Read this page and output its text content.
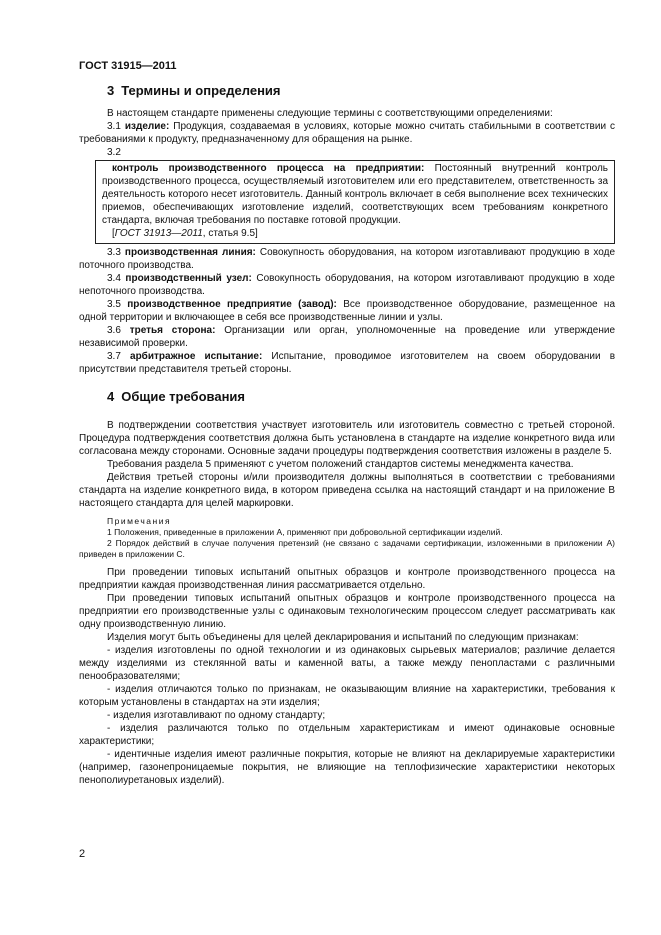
ГОСТ 31915—2011
3 Термины и определения

В настоящем стандарте применены следующие термины с соответствующими определениями:

3.1 изделие: Продукция, создаваемая в условиях, которые можно считать стабильными в соответствии с требованиями к продукту, предназначенному для обращения на рынке.

3.2

контроль производственного процесса на предприятии: Постоянный внутренний контроль производственного процесса, осуществляемый изготовителем или его представителем, ответственность за деятельность которого несет изготовитель. Данный контроль включает в себя выполнение всех технических приемов, обеспечивающих изготовление изделий, соответствующих всем требованиям конкретного стандарта, включая требования по поставке готовой продукции.

[ГОСТ 31913—2011, статья 9.5]

3.3 производственная линия: Совокупность оборудования, на котором изготавливают продукцию в ходе поточного производства.

3.4 производственный узел: Совокупность оборудования, на котором изготавливают продукцию в ходе непоточного производства.

3.5 производственное предприятие (завод): Все производственное оборудование, размещенное на одной территории и включающее в себя все производственные линии и узлы.

3.6 третья сторона: Организации или орган, уполномоченные на проведение или утверждение независимой проверки.

3.7 арбитражное испытание: Испытание, проводимое изготовителем на своем оборудовании в присутствии представителя третьей стороны.

4 Общие требования

В подтверждении соответствия участвует изготовитель или изготовитель совместно с третьей стороной. Процедура подтверждения соответствия должна быть установлена в стандарте на изделие конкретного вида или согласована между сторонами. Основные задачи процедуры подтверждения соответствия изложены в разделе 5.

Требования раздела 5 применяют с учетом положений стандартов системы менеджмента качества.

Действия третьей стороны и/или производителя должны выполняться в соответствии с требованиями стандарта на изделие конкретного вида, в котором приведена ссылка на настоящий стандарт и на приложение В настоящего стандарта для целей маркировки.

Примечания

1 Положения, приведенные в приложении А, применяют при добровольной сертификации изделий.

2 Порядок действий в случае получения претензий (не связано с задачами сертификации, изложенными в приложении А) приведен в приложении С.

При проведении типовых испытаний опытных образцов и контроле производственного процесса на предприятии каждая производственная линия рассматривается отдельно.

При проведении типовых испытаний опытных образцов и контроле производственного процесса на предприятии его производственные узлы с одинаковым технологическим процессом следует рассматривать как одну производственную линию.

Изделия могут быть объединены для целей декларирования и испытаний по следующим признакам:

- изделия изготовлены по одной технологии и из одинаковых сырьевых материалов; различие делается между изделиями из стеклянной ваты и каменной ваты, а также между пенопластами с различными пенообразователями;

- изделия отличаются только по признакам, не оказывающим влияние на характеристики, требования к которым установлены в стандартах на эти изделия;

- изделия изготавливают по одному стандарту;

- изделия различаются только по отдельным характеристикам и имеют одинаковые основные характеристики;

- идентичные изделия имеют различные покрытия, которые не влияют на декларируемые характеристики (например, газонепроницаемые покрытия, не влияющие на теплофизические характеристики некоторых пенополиуретановых изделий).

2
